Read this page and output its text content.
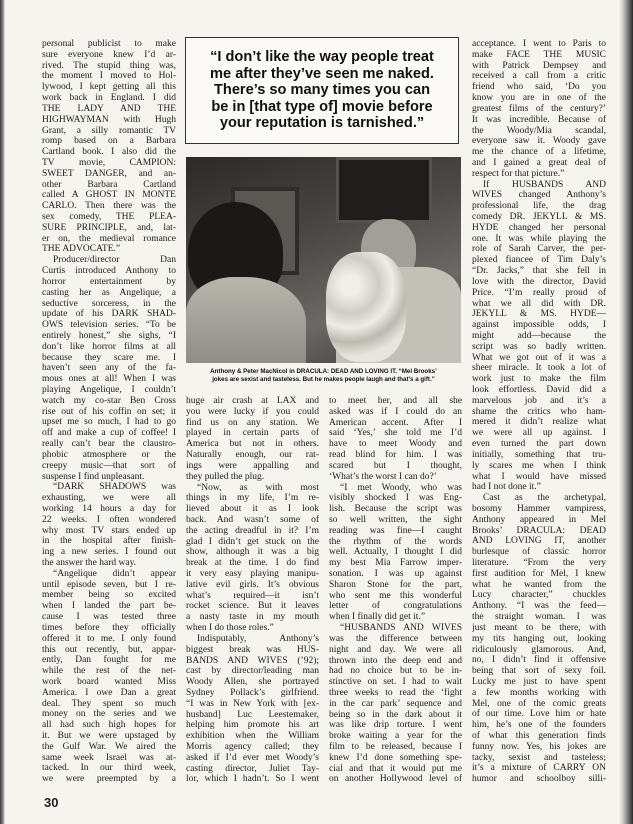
personal publicist to make
sure everyone knew I’d ar-
rived. The stupid thing was,
the moment I moved to Hol-
lywood, I kept getting all this
work back in England. I did
THE LADY AND THE
HIGHWAYMAN with Hugh
Grant, a silly romantic TV
romp based on a Barbara
Cartland book. I also did the
TV movie, CAMPION:
SWEET DANGER, and an-
other Barbara Cartland
called A GHOST IN MONTE
CARLO. Then there was the
sex comedy, THE PLEA-
SURE PRINCIPLE, and, lat-
er on, the medieval romance
THE ADVOCATE.”
Producer/director Dan
Curtis introduced Anthony to
horror entertainment by
casting her as Angelique, a
seductive sorceress, in the
update of his DARK SHAD-
OWS television series. “To be
entirely honest,” she sighs, “I
don’t like horror films at all
because they scare me. I
haven’t seen any of the fa-
mous ones at all! When I was
playing Angelique, I couldn’t
watch my co-star Ben Cross
rise out of his coffin on set; it
upset me so much, I had to go
off and make a cup of coffee! I
really can’t bear the claustro-
phobic atmosphere or the
creepy music—that sort of
suspense I find unpleasant.
“DARK SHADOWS was
exhausting, we were all
working 14 hours a day for
22 weeks. I often wondered
why most TV stars ended up
in the hospital after finish-
ing a new series. I found out
the answer the hard way.
“Angelique didn’t appear
until episode seven, but I re-
member being so excited
when I landed the part be-
cause I was tested three
times before they officially
offered it to me. I only found
this out recently, but, appar-
ently, Dan fought for me
while the rest of the net-
work board wanted Miss
America. I owe Dan a great
deal. They spent so much
money on the series and we
all had such high hopes for
it. But we were upstaged by
the Gulf War. We aired the
same week Israel was at-
tacked. In our third week,
we were preempted by a
“I don’t like the way people treat
me after they’ve seen me naked.
There’s so many times you can
be in [that type of] movie before
your reputation is tarnished.”
Anthony & Peter MacNicol in DRACULA: DEAD AND LOVING IT. “Mel Brooks’
jokes are sexist and tasteless. But he makes people laugh and that’s a gift.”
huge air crash at LAX and
you were lucky if you could
find us on any station. We
played in certain parts of
America but not in others.
Naturally enough, our rat-
ings were appalling and
they pulled the plug.
“Now, as with most
things in my life, I’m re-
lieved about it as I look
back. And wasn’t some of
the acting dreadful in it? I’m
glad I didn’t get stuck on the
show, although it was a big
break at the time. I do find
it very easy playing manipu-
lative evil girls. It’s obvious
what’s required—it isn’t
rocket science. But it leaves
a nasty taste in my mouth
when I do those roles.”
Indisputably, Anthony’s
biggest break was HUS-
BANDS AND WIVES (’92);
cast by director/leading man
Woody Allen, she portrayed
Sydney Pollack’s girlfriend.
“I was in New York with [ex-
husband] Luc Leestemaker,
helping him promote his art
exhibition when the William
Morris agency called; they
asked if I’d ever met Woody’s
casting director, Juliet Tay-
lor, which I hadn’t. So I went
to meet her, and all she
asked was if I could do an
American accent. After I
said ‘Yes,’ she told me I’d
have to meet Woody and
read blind for him. I was
scared but I thought,
‘What’s the worst I can do?’
“I met Woody, who was
visibly shocked I was Eng-
lish. Because the script was
so well written, the sight
reading was fine—I caught
the rhythm of the words
well. Actually, I thought I did
my best Mia Farrow imper-
sonation. I was up against
Sharon Stone for the part,
who sent me this wonderful
letter of congratulations
when I finally did get it.”
“HUSBANDS AND WIVES
was the difference between
night and day. We were all
thrown into the deep end and
had no choice but to be in-
stinctive on set. I had to wait
three weeks to read the ‘fight
in the car park’ sequence and
being so in the dark about it
was like drip torture. I went
broke waiting a year for the
film to be released, because I
knew I’d done something spe-
cial and that it would put me
on another Hollywood level of
acceptance. I went to Paris to
make FACE THE MUSIC
with Patrick Dempsey and
received a call from a critic
friend who said, ‘Do you
know you are in one of the
greatest films of the century?’
It was incredible. Because of
the Woody/Mia scandal,
everyone saw it. Woody gave
me the chance of a lifetime,
and I gained a great deal of
respect for that picture.”
If HUSBANDS AND
WIVES changed Anthony’s
professional life, the drag
comedy DR. JEKYLL & MS.
HYDE changed her personal
one. It was while playing the
role of Sarah Carver, the per-
plexed fiancee of Tim Daly’s
“Dr. Jacks,” that she fell in
love with the director, David
Price. “I’m really proud of
what we all did with DR.
JEKYLL & MS. HYDE—
against impossible odds, I
might add—because the
script was so badly written.
What we got out of it was a
sheer miracle. It took a lot of
work just to make the film
look effortless. David did a
marvelous job and it’s a
shame the critics who ham-
mered it didn’t realize what
we were all up against. I
even turned the part down
initially, something that tru-
ly scares me when I think
what I would have missed
had I not done it.”
Cast as the archetypal,
bosomy Hammer vampiress,
Anthony appeared in Mel
Brooks’ DRACULA: DEAD
AND LOVING IT, another
burlesque of classic horror
literature. “From the very
first audition for Mel, I knew
what he wanted from the
Lucy character,” chuckles
Anthony. “I was the feed—
the straight woman. I was
just meant to be there, with
my tits hanging out, looking
ridiculously glamorous. And,
no, I didn’t find it offensive
being that sort of sexy foil.
Lucky me just to have spent
a few months working with
Mel, one of the comic greats
of our time. Love him or hate
him, he’s one of the founders
of what this generation finds
funny now. Yes, his jokes are
tacky, sexist and tasteless;
it’s a mixture of CARRY ON
humor and schoolboy silli-
30
